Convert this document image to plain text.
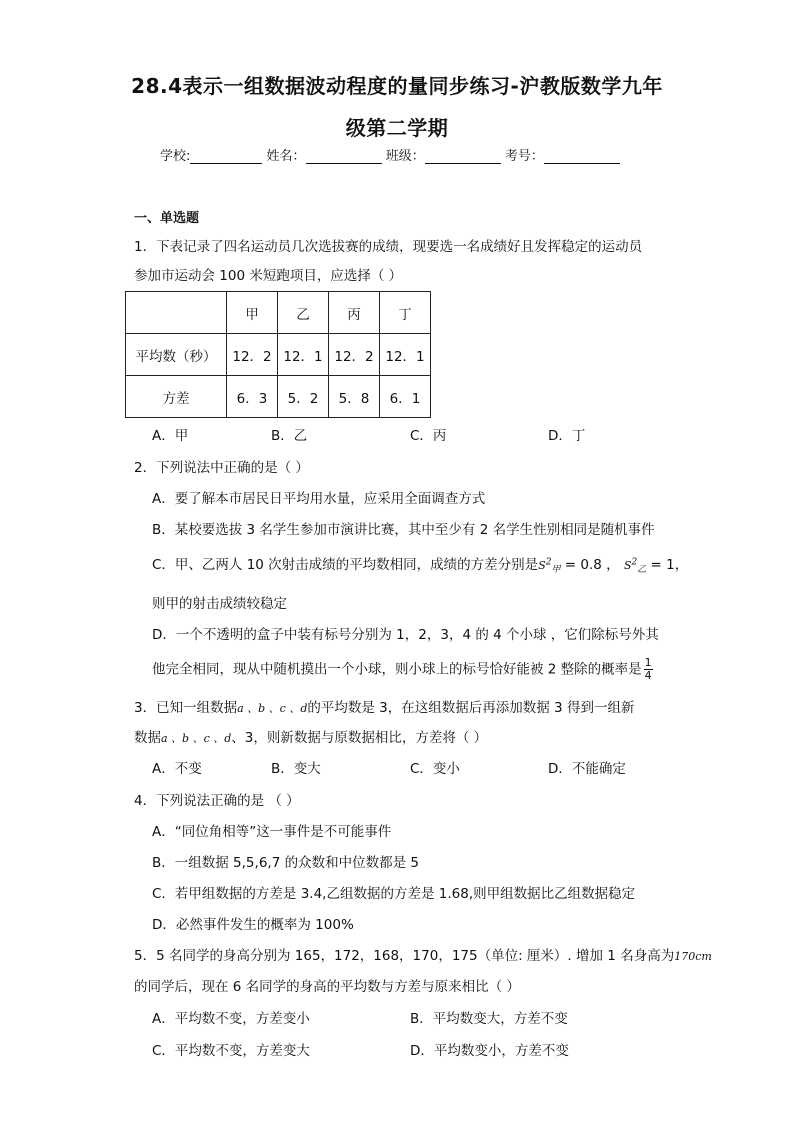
28.4表示一组数据波动程度的量同步练习-沪教版数学九年
级第二学期
学校:	姓名：	班级：	考号：
一、单选题
1．下表记录了四名运动员几次选拔赛的成绩，现要选一名成绩好且发挥稳定的运动员
参加市运动会 100 米短跑项目，应选择（ ）
	甲	乙	丙	丁
平均数（秒）	12．2	12．1	12．2	12．1
方差	6．3	5．2	5．8	6．1
A．甲	B．乙	C．丙	D．丁
2．下列说法中正确的是（ ）
A．要了解本市居民日平均用水量，应采用全面调查方式
B．某校要选拔 3 名学生参加市演讲比赛，其中至少有 2 名学生性别相同是随机事件
C．甲、乙两人 10 次射击成绩的平均数相同，成绩的方差分别是$S^2_甲 = 0.8$ ， $S^2_乙 = 1$，
则甲的射击成绩较稳定
D．一个不透明的盒子中装有标号分别为 1，2，3，4 的 4 个小球 ，它们除标号外其
他完全相同，现从中随机摸出一个小球，则小球上的标号恰好能被 2 整除的概率是 $\frac{1}{4}$
3．已知一组数据a 、b 、c 、d的平均数是 3，在这组数据后再添加数据 3 得到一组新
数据a 、b 、c 、d、3，则新数据与原数据相比，方差将（ ）
A．不变	B．变大	C．变小	D．不能确定
4．下列说法正确的是 （ ）
A．“同位角相等”这一事件是不可能事件
B．一组数据 5,5,6,7 的众数和中位数都是 5
C．若甲组数据的方差是 3.4,乙组数据的方差是 1.68,则甲组数据比乙组数据稳定
D．必然事件发生的概率为 100%
5．5 名同学的身高分别为 165，172，168，170，175（单位: 厘米）. 增加 1 名身高为170cm
的同学后，现在 6 名同学的身高的平均数与方差与原来相比（ ）
A．平均数不变，方差变小	B．平均数变大，方差不变
C．平均数不变，方差变大	D．平均数变小，方差不变
